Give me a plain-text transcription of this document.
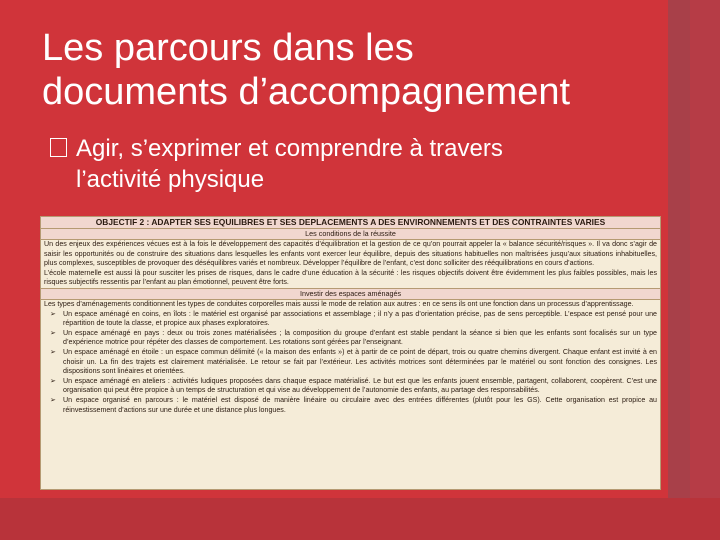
Les parcours dans les
documents d’accompagnement
Agir, s’exprimer et comprendre à travers
l’activité physique
OBJECTIF 2 : ADAPTER SES EQUILIBRES ET SES DEPLACEMENTS A DES ENVIRONNEMENTS ET DES CONTRAINTES VARIES
Les conditions de la réussite
Un des enjeux des expériences vécues est à la fois le développement des capacités d’équilibration et la gestion de ce qu’on pourrait appeler la « balance sécurité/risques ». Il va donc s’agir de saisir les opportunités ou de construire des situations dans lesquelles les enfants vont exercer leur équilibre, depuis des situations habituelles non maîtrisées jusqu’aux situations inhabituelles, plus complexes, susceptibles de provoquer des déséquilibres variés et nombreux. Développer l’équilibre de l’enfant, c’est donc solliciter des rééquilibrations en cours d’actions.
L’école maternelle est aussi là pour susciter les prises de risques, dans le cadre d’une éducation à la sécurité : les risques objectifs doivent être évidemment les plus faibles possibles, mais les risques subjectifs ressentis par l’enfant au plan émotionnel, peuvent être forts.
Investir des espaces aménagés
Les types d’aménagements conditionnent les types de conduites corporelles mais aussi le mode de relation aux autres : en ce sens ils ont une fonction dans un processus d’apprentissage.
➢ Un espace aménagé en coins, en îlots : le matériel est organisé par associations et assemblage ; il n’y a pas d’orientation précise, pas de sens perceptible. L’espace est pensé pour une répartition de toute la classe, et propice aux phases exploratoires.
➢ Un espace aménagé en pays : deux ou trois zones matérialisées ; la composition du groupe d’enfant est stable pendant la séance si bien que les enfants sont focalisés sur un type d’expérience motrice pour répéter des classes de comportement. Les rotations sont gérées par l’enseignant.
➢ Un espace aménagé en étoile : un espace commun délimité (« la maison des enfants ») et à partir de ce point de départ, trois ou quatre chemins divergent. Chaque enfant est invité à en choisir un. La fin des trajets est clairement matérialisée. Le retour se fait par l’extérieur. Les activités motrices sont déterminées par le matériel ou sont fonction des consignes. Les dispositions sont linéaires et orientées.
➢ Un espace aménagé en ateliers : activités ludiques proposées dans chaque espace matérialisé. Le but est que les enfants jouent ensemble, partagent, collaborent, coopèrent. C’est une organisation qui peut être propice à un temps de structuration et qui vise au développement de l’autonomie des enfants, au partage des responsabilités.
➢ Un espace organisé en parcours : le matériel est disposé de manière linéaire ou circulaire avec des entrées différentes (plutôt pour les GS). Cette organisation est propice au réinvestissement d’actions sur une durée et une distance plus longues.
